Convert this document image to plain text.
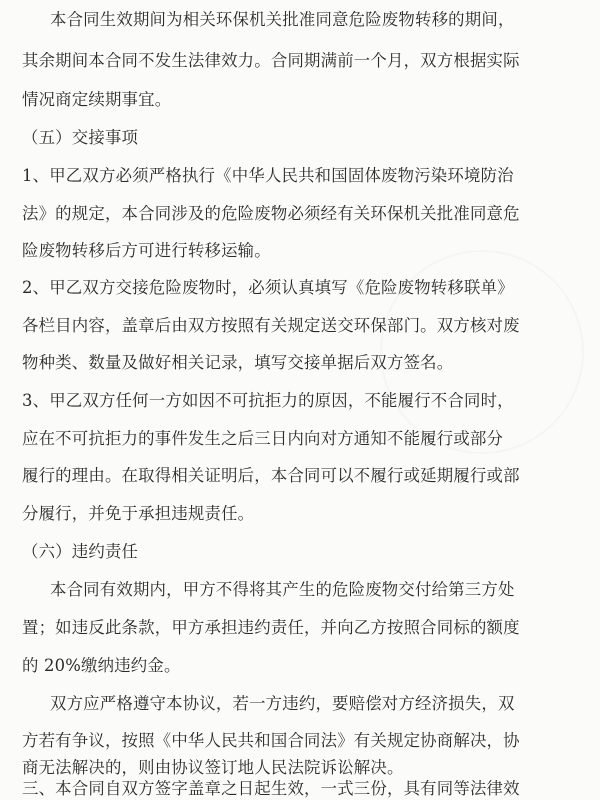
本合同生效期间为相关环保机关批准同意危险废物转移的期间，
其余期间本合同不发生法律效力。合同期满前一个月，双方根据实际
情况商定续期事宜。
（五）交接事项
1、甲乙双方必须严格执行《中华人民共和国固体废物污染环境防治
法》的规定，本合同涉及的危险废物必须经有关环保机关批准同意危
险废物转移后方可进行转移运输。
2、甲乙双方交接危险废物时，必须认真填写《危险废物转移联单》
各栏目内容，盖章后由双方按照有关规定送交环保部门。双方核对废
物种类、数量及做好相关记录，填写交接单据后双方签名。
3、甲乙双方任何一方如因不可抗拒力的原因，不能履行不合同时，
应在不可抗拒力的事件发生之后三日内向对方通知不能履行或部分
履行的理由。在取得相关证明后，本合同可以不履行或延期履行或部
分履行，并免于承担违规责任。
（六）违约责任
本合同有效期内，甲方不得将其产生的危险废物交付给第三方处
置；如违反此条款，甲方承担违约责任，并向乙方按照合同标的额度
的 20%缴纳违约金。
双方应严格遵守本协议，若一方违约，要赔偿对方经济损失，双
方若有争议，按照《中华人民共和国合同法》有关规定协商解决，协
商无法解决的，则由协议签订地人民法院诉讼解决。
三、本合同自双方签字盖章之日起生效，一式三份，具有同等法律效
